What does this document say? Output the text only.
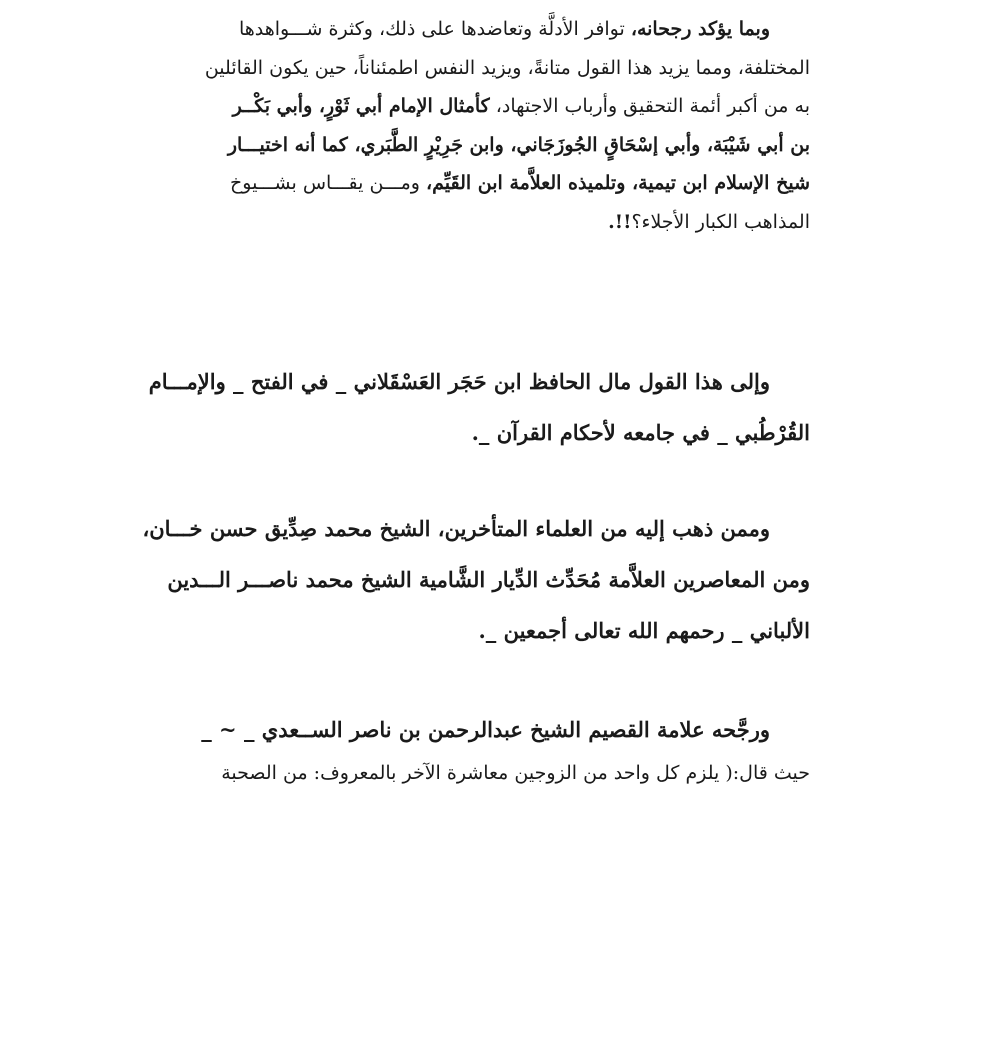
وبما يؤكد رجحانه، توافر الأدلَّة وتعاضدها على ذلك، وكثرة شـــواهدها
المختلفة، ومما يزيد هذا القول متانةً، ويزيد النفس اطمئناناً، حين يكون القائلين
به من أكبر أئمة التحقيق وأرباب الاجتهاد، كأمثال الإمام أبي ثَوْرٍ، وأبي بَكْــر
بن أبي شَيْبَة، وأبي إسْحَاقٍ الجُوزَجَاني، وابن جَرِيْرٍ الطَّبَري، كما أنه اختيـــار
شيخ الإسلام ابن تيمية، وتلميذه العلاَّمة ابن القَيِّم، ومـــن يقـــاس بشـــيوخ
المذاهب الكبار الأجلاء؟!!.
وإلى هذا القول مال الحافظ ابن حَجَر العَسْقَلاني _ في الفتح _ والإمـــام
القُرْطُبي _ في جامعه لأحكام القرآن _.
وممن ذهب إليه من العلماء المتأخرين، الشيخ محمد صِدِّيق حسن خـــان،
ومن المعاصرين العلاَّمة مُحَدِّث الدِّيار الشَّامية الشيخ محمد ناصـــر الـــدين
الألباني _ رحمهم الله تعالى أجمعين _.
ورجَّحه علامة القصيم الشيخ عبدالرحمن بن ناصر الســعدي _ ~ _
حيث قال:( يلزم كل واحد من الزوجين معاشرة الآخر بالمعروف: من الصحبة
